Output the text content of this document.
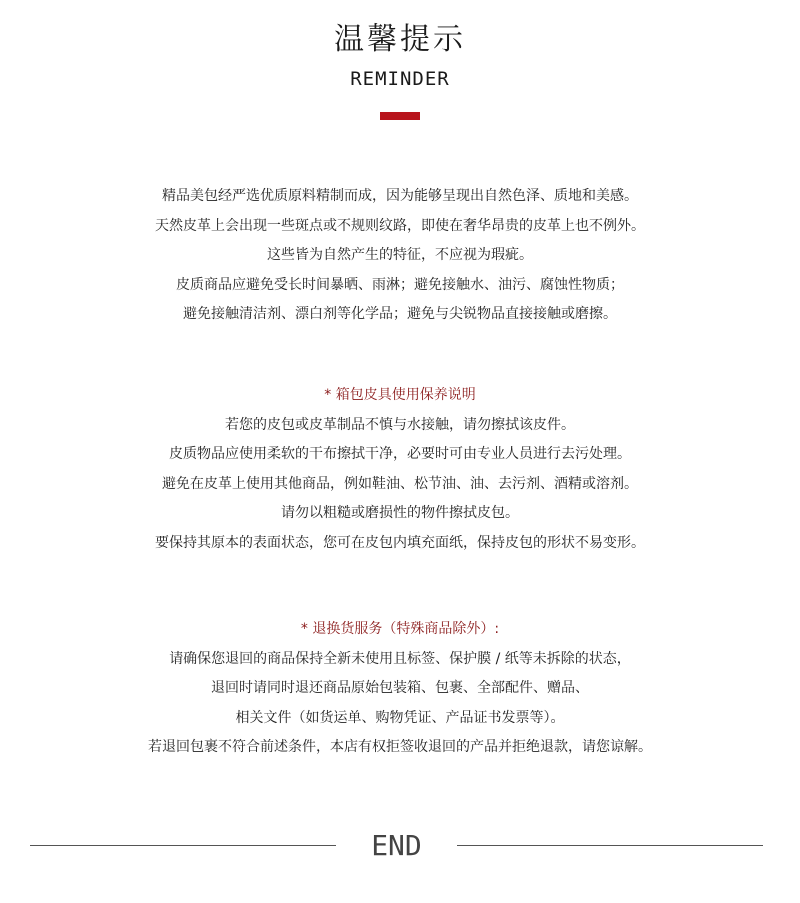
温馨提示
REMINDER
精品美包经严选优质原料精制而成，因为能够呈现出自然色泽、质地和美感。
天然皮革上会出现一些斑点或不规则纹路，即使在奢华昂贵的皮革上也不例外。
这些皆为自然产生的特征，不应视为瑕疵。
皮质商品应避免受长时间暴晒、雨淋；避免接触水、油污、腐蚀性物质；
避免接触清洁剂、漂白剂等化学品；避免与尖锐物品直接接触或磨擦。
* 箱包皮具使用保养说明
若您的皮包或皮革制品不慎与水接触，请勿擦拭该皮件。
皮质物品应使用柔软的干布擦拭干净，必要时可由专业人员进行去污处理。
避免在皮革上使用其他商品，例如鞋油、松节油、油、去污剂、酒精或溶剂。
请勿以粗糙或磨损性的物件擦拭皮包。
要保持其原本的表面状态，您可在皮包内填充面纸，保持皮包的形状不易变形。
* 退换货服务（特殊商品除外）:
请确保您退回的商品保持全新未使用且标签、保护膜 / 纸等未拆除的状态，
退回时请同时退还商品原始包装箱、包裹、全部配件、赠品、
相关文件（如货运单、购物凭证、产品证书发票等）。
若退回包裹不符合前述条件，本店有权拒签收退回的产品并拒绝退款，请您谅解。
END
